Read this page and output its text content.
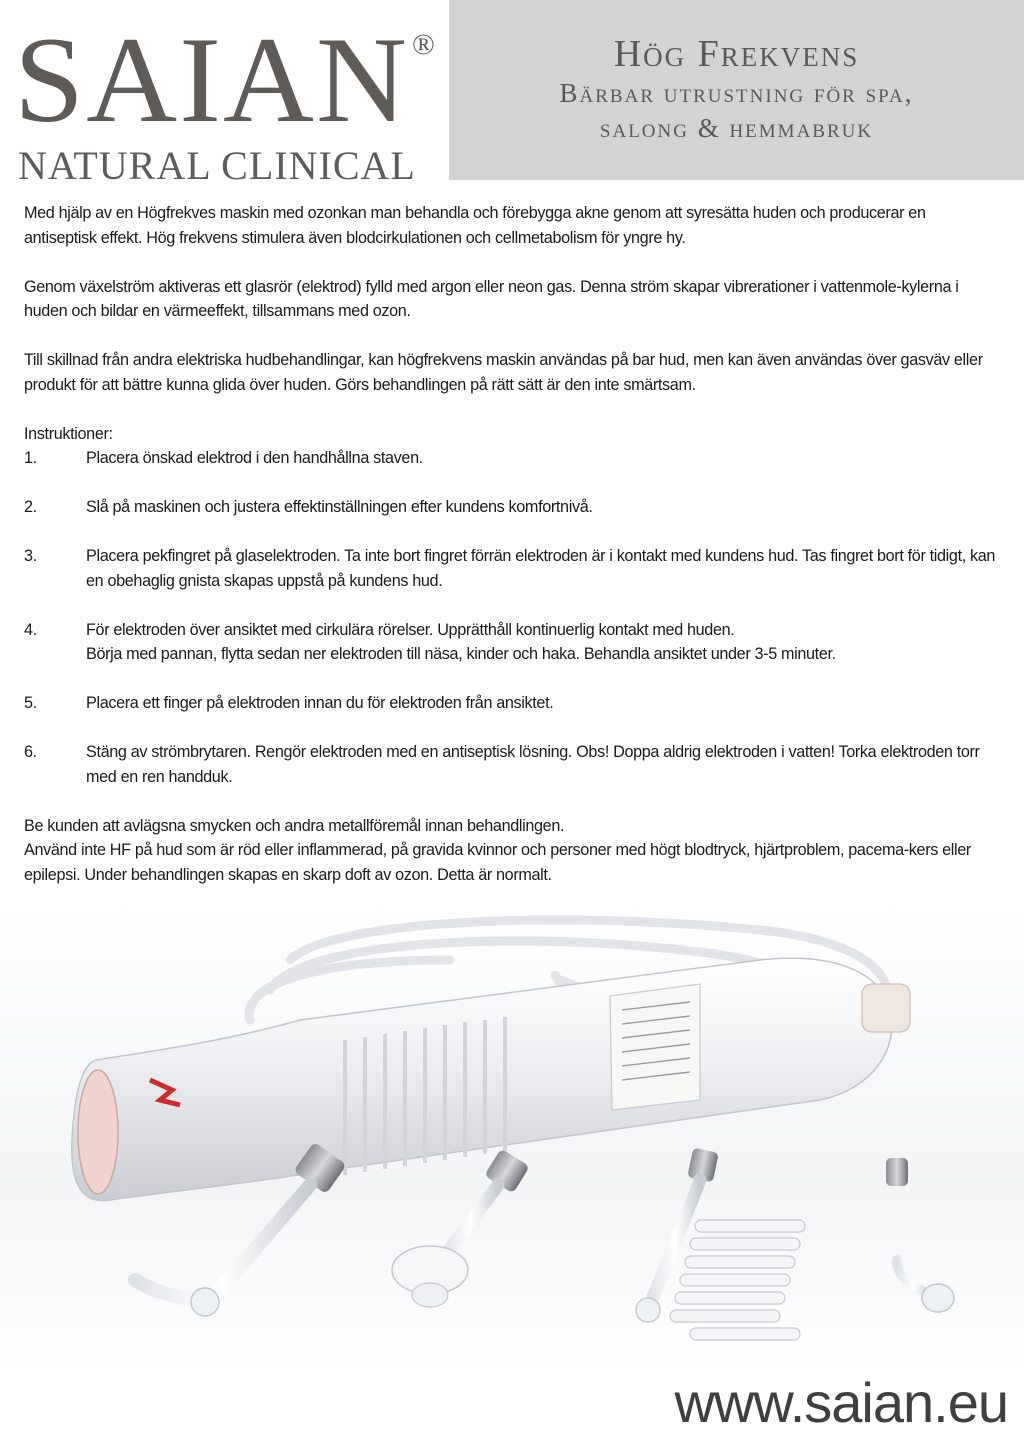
SAIAN ®
NATURAL CLINICAL
Hög Frekvens
Bärbar utrustning för spa,
salong & hemmabruk

Med hjälp av en Högfrekves maskin med ozonkan man behandla och förebygga akne genom att syresätta huden och producerar en antiseptisk effekt. Hög frekvens stimulera även blodcirkulationen och cellmetabolism för yngre hy.

Genom växelström aktiveras ett glasrör (elektrod) fylld med argon eller neon gas. Denna ström skapar vibrerationer i vattenmole-kylerna i huden och bildar en värmeeffekt, tillsammans med ozon.

Till skillnad från andra elektriska hudbehandlingar, kan högfrekvens maskin användas på bar hud, men kan även användas över gasväv eller produkt för att bättre kunna glida över huden. Görs behandlingen på rätt sätt är den inte smärtsam.

Instruktioner:
1.	Placera önskad elektrod i den handhållna staven.
2.	Slå på maskinen och justera effektinställningen efter kundens komfortnivå.
3.	Placera pekfingret på glaselektroden. Ta inte bort fingret förrän elektroden är i kontakt med kundens hud. Tas fingret bort för tidigt, kan en obehaglig gnista skapas uppstå på kundens hud.
4.	För elektroden över ansiktet med cirkulära rörelser. Upprätthåll kontinuerlig kontakt med huden.
Börja med pannan, flytta sedan ner elektroden till näsa, kinder och haka. Behandla ansiktet under 3-5 minuter.
5.	Placera ett finger på elektroden innan du för elektroden från ansiktet.
6.	Stäng av strömbrytaren. Rengör elektroden med en antiseptisk lösning. Obs! Doppa aldrig elektroden i vatten! Torka elektroden torr med en ren handduk.

Be kunden att avlägsna smycken och andra metallföremål innan behandlingen.

Använd inte HF på hud som är röd eller inflammerad, på gravida kvinnor och personer med högt blodtryck, hjärtproblem, pacema-kers eller epilepsi. Under behandlingen skapas en skarp doft av ozon. Detta är normalt.

www.saian.eu
